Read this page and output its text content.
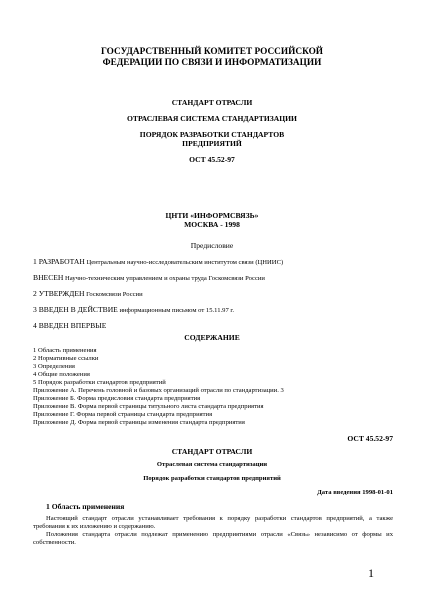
ГОСУДАРСТВЕННЫЙ КОМИТЕТ РОССИЙСКОЙ
ФЕДЕРАЦИИ ПО СВЯЗИ И ИНФОРМАТИЗАЦИИ
СТАНДАРТ ОТРАСЛИ
ОТРАСЛЕВАЯ СИСТЕМА СТАНДАРТИЗАЦИИ
ПОРЯДОК РАЗРАБОТКИ СТАНДАРТОВ
ПРЕДПРИЯТИЙ
ОСТ 45.52-97
ЦНТИ «ИНФОРМСВЯЗЬ»
МОСКВА - 1998
Предисловие
1 РАЗРАБОТАН Центральным научно-исследовательским институтом связи (ЦНИИС)
ВНЕСЕН Научно-техническим управлением и охраны труда Госкомсвязи России
2 УТВЕРЖДЕН Госкомсвязи России
3 ВВЕДЕН В ДЕЙСТВИЕ информационным письмом от 15.11.97 г.
4 ВВЕДЕН ВПЕРВЫЕ
СОДЕРЖАНИЕ
1 Область применения
2 Нормативные ссылки
3 Определения
4 Общие положения
5 Порядок разработки стандартов предприятий
Приложение А. Перечень головной и базовых организаций отрасли по стандартизации. 3
Приложение Б. Форма предисловия стандарта предприятия
Приложение В. Форма первой страницы титульного листа стандарта предприятия
Приложение Г. Форма первой страницы стандарта предприятия
Приложение Д. Форма первой страницы изменения стандарта предприятия
ОСТ 45.52-97
СТАНДАРТ ОТРАСЛИ
Отраслевая система стандартизации
Порядок разработки стандартов предприятий
Дата введения 1998-01-01
1 Область применения
Настоящий стандарт отрасли устанавливает требования к порядку разработки стандартов предприятий, а также требования к их изложению и содержанию.
Положения стандарта отрасли подлежат применению предприятиями отрасли «Связь» независимо от формы их собственности.
1
